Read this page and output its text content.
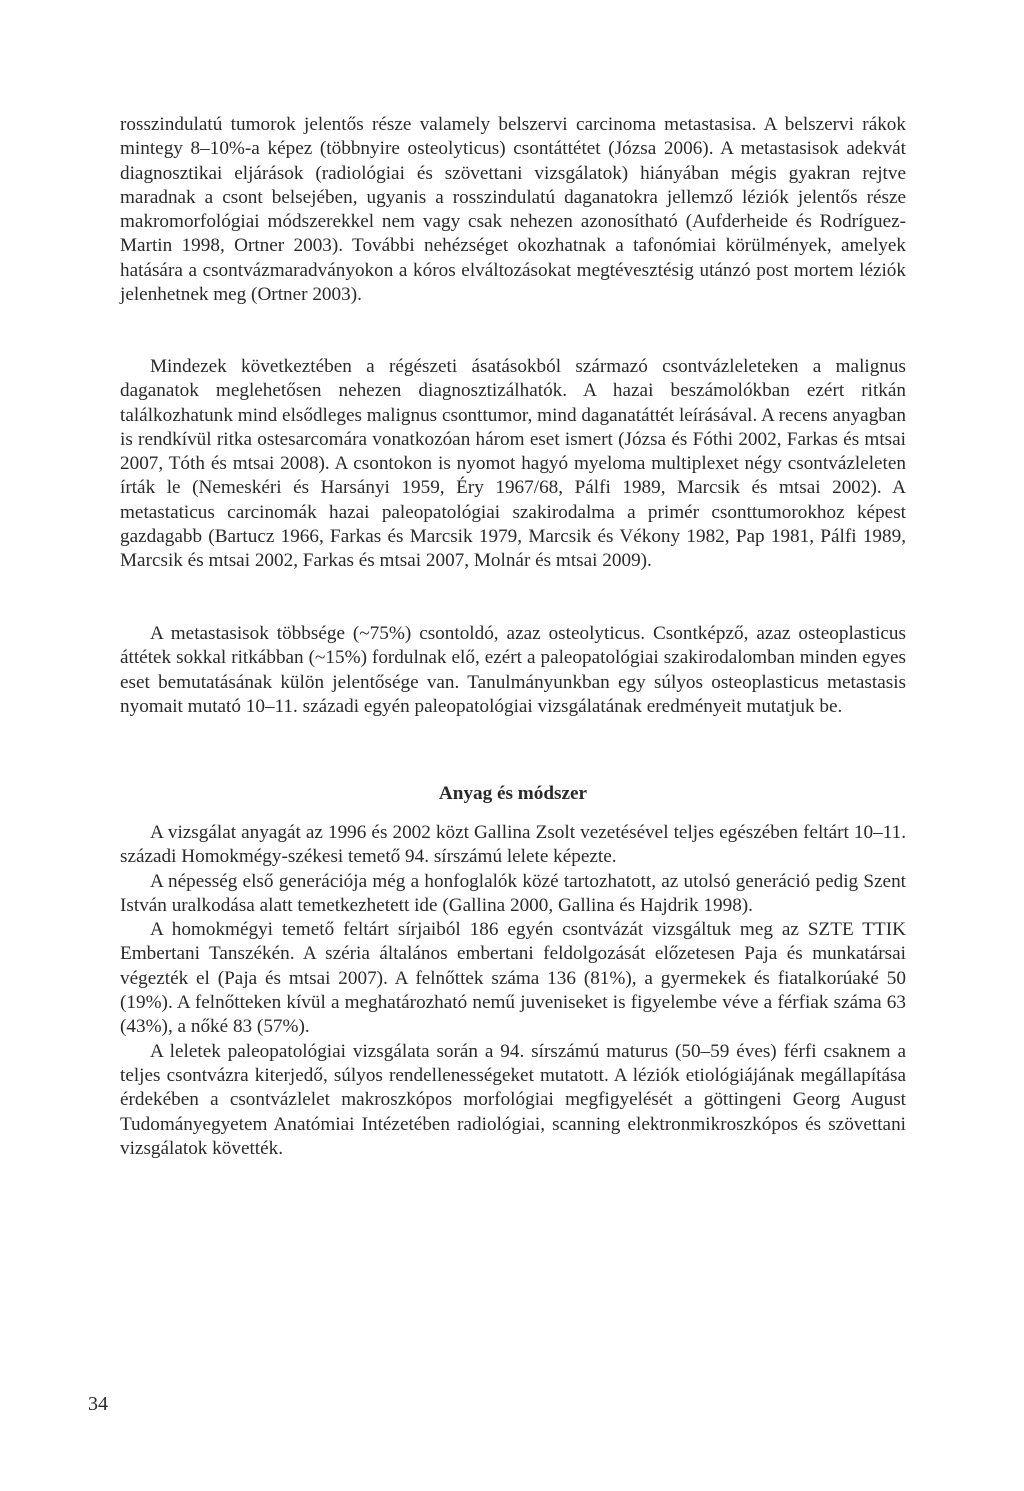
rosszindulatú tumorok jelentős része valamely belszervi carcinoma metastasisa. A belszervi rákok mintegy 8–10%-a képez (többnyire osteolyticus) csontáttétet (Józsa 2006). A metastasisok adekvát diagnosztikai eljárások (radiológiai és szövettani vizsgálatok) hiányában mégis gyakran rejtve maradnak a csont belsejében, ugyanis a rosszindulatú daganatokra jellemző léziók jelentős része makromorfológiai módszerekkel nem vagy csak nehezen azonosítható (Aufderheide és Rodríguez-Martin 1998, Ortner 2003). További nehézséget okozhatnak a tafonómiai körülmények, amelyek hatására a csontvázmaradványokon a kóros elváltozásokat megtévesztésig utánzó post mortem léziók jelenhetnek meg (Ortner 2003).

Mindezek következtében a régészeti ásatásokból származó csontvázleleteken a malignus daganatok meglehetősen nehezen diagnosztizálhatók. A hazai beszámolókban ezért ritkán találkozhatunk mind elsődleges malignus csonttumor, mind daganatáttét leírásával. A recens anyagban is rendkívül ritka ostesarcomára vonatkozóan három eset ismert (Józsa és Fóthi 2002, Farkas és mtsai 2007, Tóth és mtsai 2008). A csontokon is nyomot hagyó myeloma multiplexet négy csontvázleleten írták le (Nemeskéri és Harsányi 1959, Éry 1967/68, Pálfi 1989, Marcsik és mtsai 2002). A metastaticus carcinomák hazai paleopatológiai szakirodalma a primér csonttumorokhoz képest gazdagabb (Bartucz 1966, Farkas és Marcsik 1979, Marcsik és Vékony 1982, Pap 1981, Pálfi 1989, Marcsik és mtsai 2002, Farkas és mtsai 2007, Molnár és mtsai 2009).

A metastasisok többsége (~75%) csontoldó, azaz osteolyticus. Csontképző, azaz osteoplasticus áttétek sokkal ritkábban (~15%) fordulnak elő, ezért a paleopatológiai szakirodalomban minden egyes eset bemutatásának külön jelentősége van. Tanulmányunkban egy súlyos osteoplasticus metastasis nyomait mutató 10–11. századi egyén paleopatológiai vizsgálatának eredményeit mutatjuk be.

Anyag és módszer

A vizsgálat anyagát az 1996 és 2002 közt Gallina Zsolt vezetésével teljes egészében feltárt 10–11. századi Homokmégy-székesi temető 94. sírszámú lelete képezte.

A népesség első generációja még a honfoglalók közé tartozhatott, az utolsó generáció pedig Szent István uralkodása alatt temetkezhetett ide (Gallina 2000, Gallina és Hajdrik 1998).

A homokmégyi temető feltárt sírjaiból 186 egyén csontvázát vizsgáltuk meg az SZTE TTIK Embertani Tanszékén. A széria általános embertani feldolgozását előzetesen Paja és munkatársai végezték el (Paja és mtsai 2007). A felnőttek száma 136 (81%), a gyermekek és fiatalkorúaké 50 (19%). A felnőtteken kívül a meghatározható nemű juveniseket is figyelembe véve a férfiak száma 63 (43%), a nőké 83 (57%).

A leletek paleopatológiai vizsgálata során a 94. sírszámú maturus (50–59 éves) férfi csaknem a teljes csontvázra kiterjedő, súlyos rendellenességeket mutatott. A léziók etiológiájának megállapítása érdekében a csontvázlelet makroszkópos morfológiai megfigyelését a göttingeni Georg August Tudományegyetem Anatómiai Intézetében radiológiai, scanning elektronmikroszkópos és szövettani vizsgálatok követték.

34
